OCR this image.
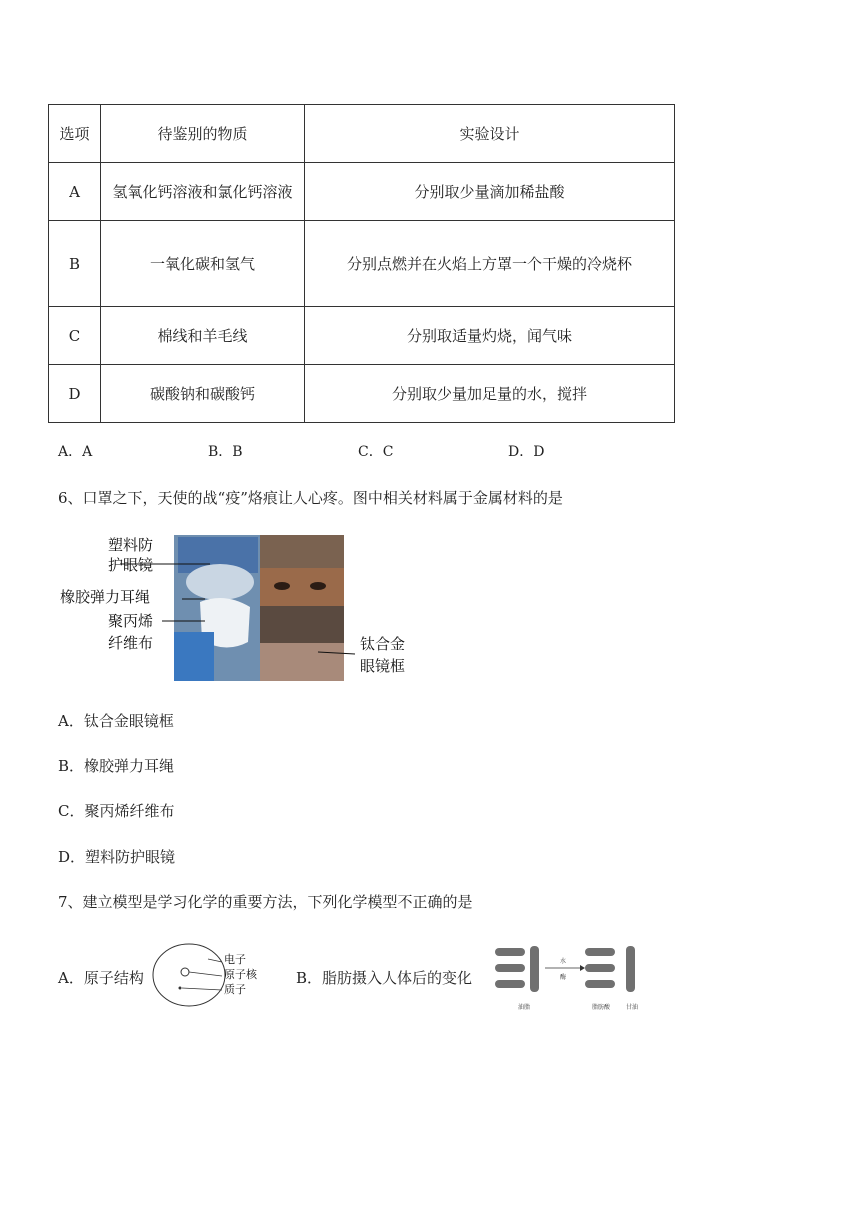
选项	待鉴别的物质	实验设计
A	氢氧化钙溶液和氯化钙溶液	分别取少量滴加稀盐酸
B	一氧化碳和氢气	分别点燃并在火焰上方罩一个干燥的冷烧杯
C	棉线和羊毛线	分别取适量灼烧，闻气味
D	碳酸钠和碳酸钙	分别取少量加足量的水，搅拌
A．A	B．B	C．C	D．D
6、口罩之下，天使的战“疫”烙痕让人心疼。图中相关材料属于金属材料的是
塑料防
护眼镜
橡胶弹力耳绳
聚丙烯
纤维布	钛合金
眼镜框
A．钛合金眼镜框
B．橡胶弹力耳绳
C．聚丙烯纤维布
D．塑料防护眼镜
7、建立模型是学习化学的重要方法，下列化学模型不正确的是
A．原子结构
电子
原子核
质子
B．脂肪摄入人体后的变化
水
酶
油脂	脂肪酸	甘油
